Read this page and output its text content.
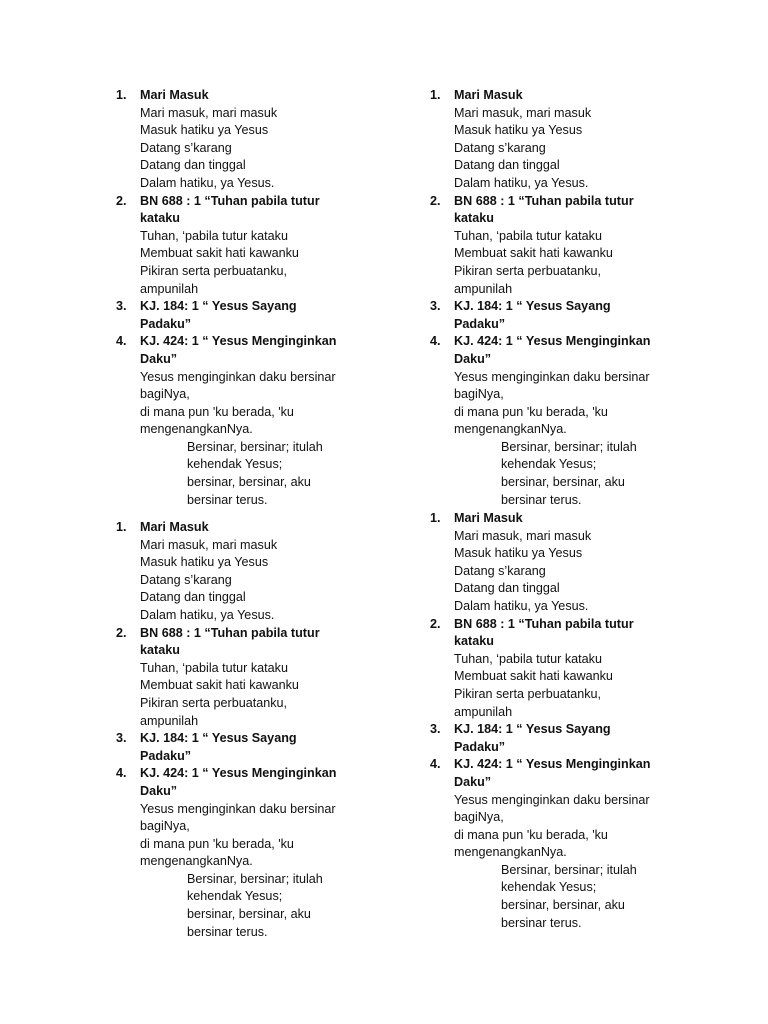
1. Mari Masuk
Mari masuk, mari masuk
Masuk hatiku ya Yesus
Datang s’karang
Datang dan tinggal
Dalam hatiku, ya Yesus.
2. BN 688 : 1 “Tuhan pabila tutur kataku
Tuhan, ‘pabila tutur kataku
Membuat sakit hati kawanku
Pikiran serta perbuatanku, ampunilah
3. KJ. 184: 1 “ Yesus Sayang Padaku”
4. KJ. 424: 1 “ Yesus Menginginkan Daku”
Yesus menginginkan daku bersinar bagiNya,
di mana pun 'ku berada, 'ku mengenangkanNya.
Bersinar, bersinar; itulah kehendak Yesus;
bersinar, bersinar, aku bersinar terus.
1. Mari Masuk
Mari masuk, mari masuk
Masuk hatiku ya Yesus
Datang s’karang
Datang dan tinggal
Dalam hatiku, ya Yesus.
2. BN 688 : 1 “Tuhan pabila tutur kataku
Tuhan, ‘pabila tutur kataku
Membuat sakit hati kawanku
Pikiran serta perbuatanku, ampunilah
3. KJ. 184: 1 “ Yesus Sayang Padaku”
4. KJ. 424: 1 “ Yesus Menginginkan Daku”
Yesus menginginkan daku bersinar bagiNya,
di mana pun 'ku berada, 'ku mengenangkanNya.
Bersinar, bersinar; itulah kehendak Yesus;
bersinar, bersinar, aku bersinar terus.
1. Mari Masuk
Mari masuk, mari masuk
Masuk hatiku ya Yesus
Datang s’karang
Datang dan tinggal
Dalam hatiku, ya Yesus.
2. BN 688 : 1 “Tuhan pabila tutur kataku
Tuhan, ‘pabila tutur kataku
Membuat sakit hati kawanku
Pikiran serta perbuatanku, ampunilah
3. KJ. 184: 1 “ Yesus Sayang Padaku”
4. KJ. 424: 1 “ Yesus Menginginkan Daku”
Yesus menginginkan daku bersinar bagiNya,
di mana pun 'ku berada, 'ku mengenangkanNya.
Bersinar, bersinar; itulah kehendak Yesus;
bersinar, bersinar, aku bersinar terus.
1. Mari Masuk
Mari masuk, mari masuk
Masuk hatiku ya Yesus
Datang s’karang
Datang dan tinggal
Dalam hatiku, ya Yesus.
2. BN 688 : 1 “Tuhan pabila tutur kataku
Tuhan, ‘pabila tutur kataku
Membuat sakit hati kawanku
Pikiran serta perbuatanku, ampunilah
3. KJ. 184: 1 “ Yesus Sayang Padaku”
4. KJ. 424: 1 “ Yesus Menginginkan Daku”
Yesus menginginkan daku bersinar bagiNya,
di mana pun 'ku berada, 'ku mengenangkanNya.
Bersinar, bersinar; itulah kehendak Yesus;
bersinar, bersinar, aku bersinar terus.
